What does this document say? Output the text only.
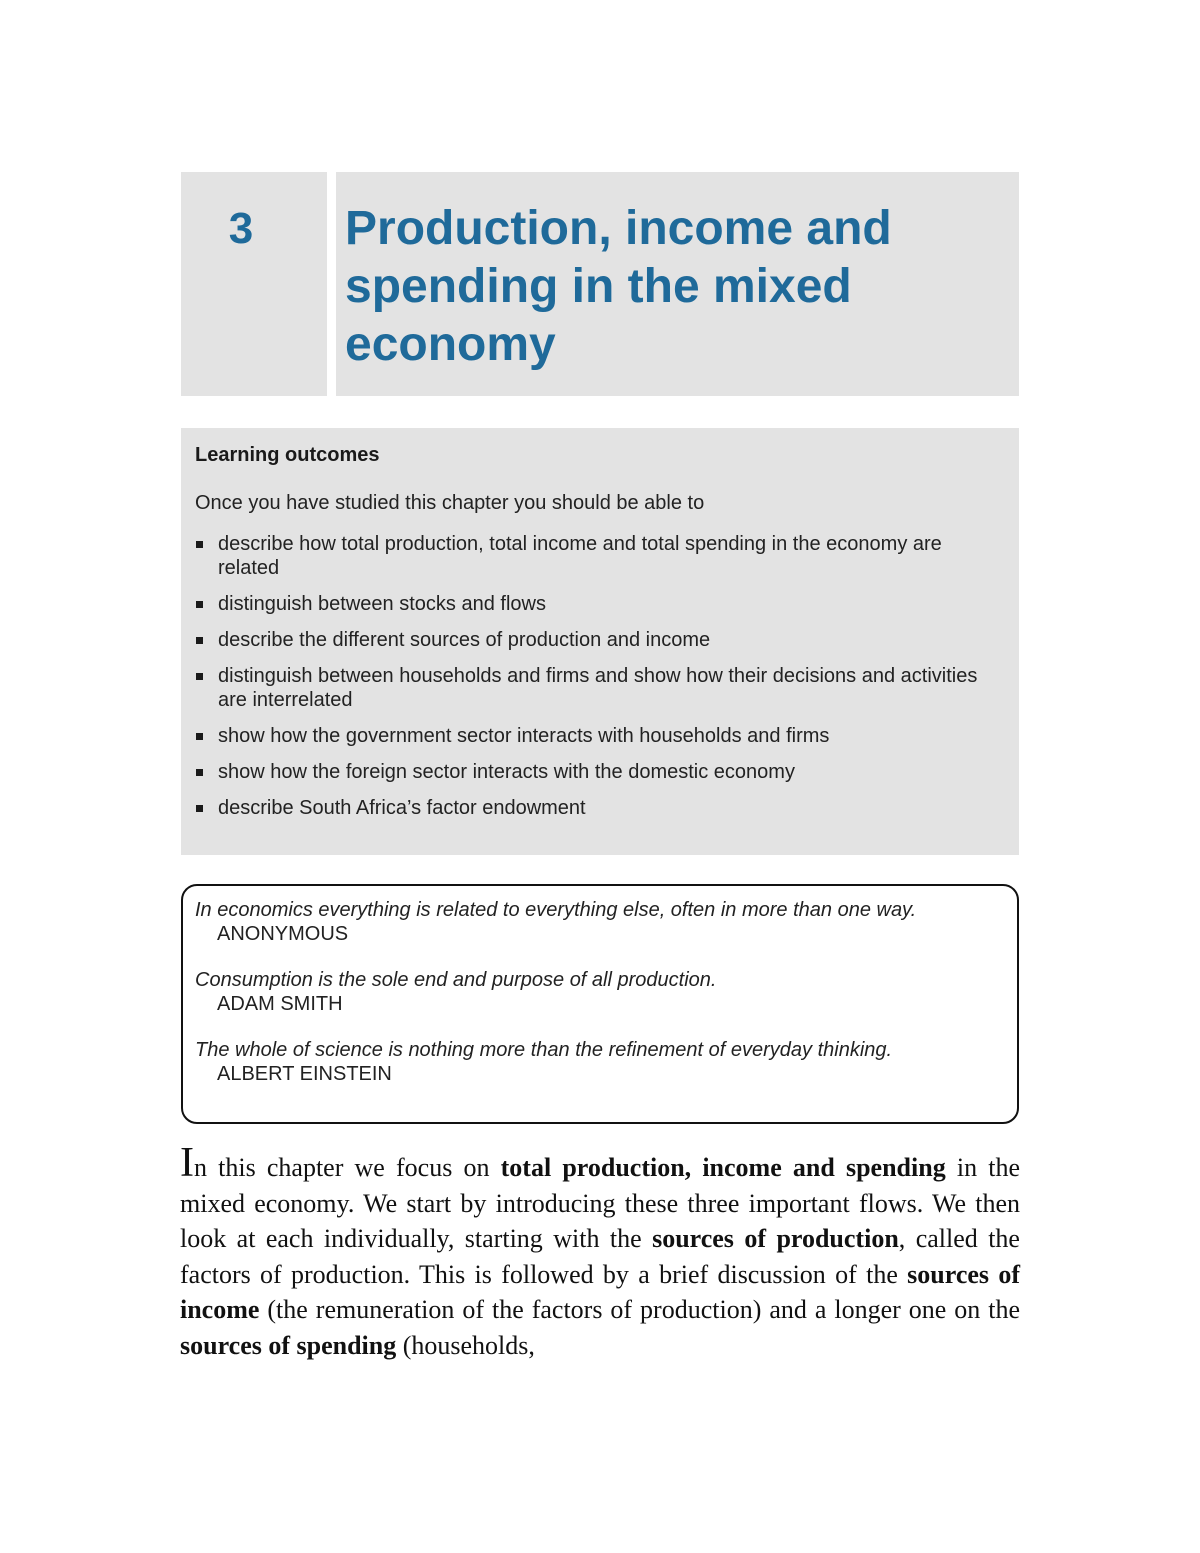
3	Production, income and spending in the mixed economy

Learning outcomes

Once you have studied this chapter you should be able to

describe how total production, total income and total spending in the economy are related
distinguish between stocks and flows
describe the different sources of production and income
distinguish between households and firms and show how their decisions and activities are interrelated
show how the government sector interacts with households and firms
show how the foreign sector interacts with the domestic economy
describe South Africa’s factor endowment
In economics everything is related to everything else, often in more than one way.
ANONYMOUS
Consumption is the sole end and purpose of all production.
ADAM SMITH
The whole of science is nothing more than the refinement of everyday thinking.
ALBERT EINSTEIN

In this chapter we focus on total production, income and spending in the mixed economy. We start by introducing these three important flows. We then look at each individually, starting with the sources of production, called the factors of production. This is followed by a brief discussion of the sources of income (the remuneration of the factors of production) and a longer one on the sources of spending (households,
